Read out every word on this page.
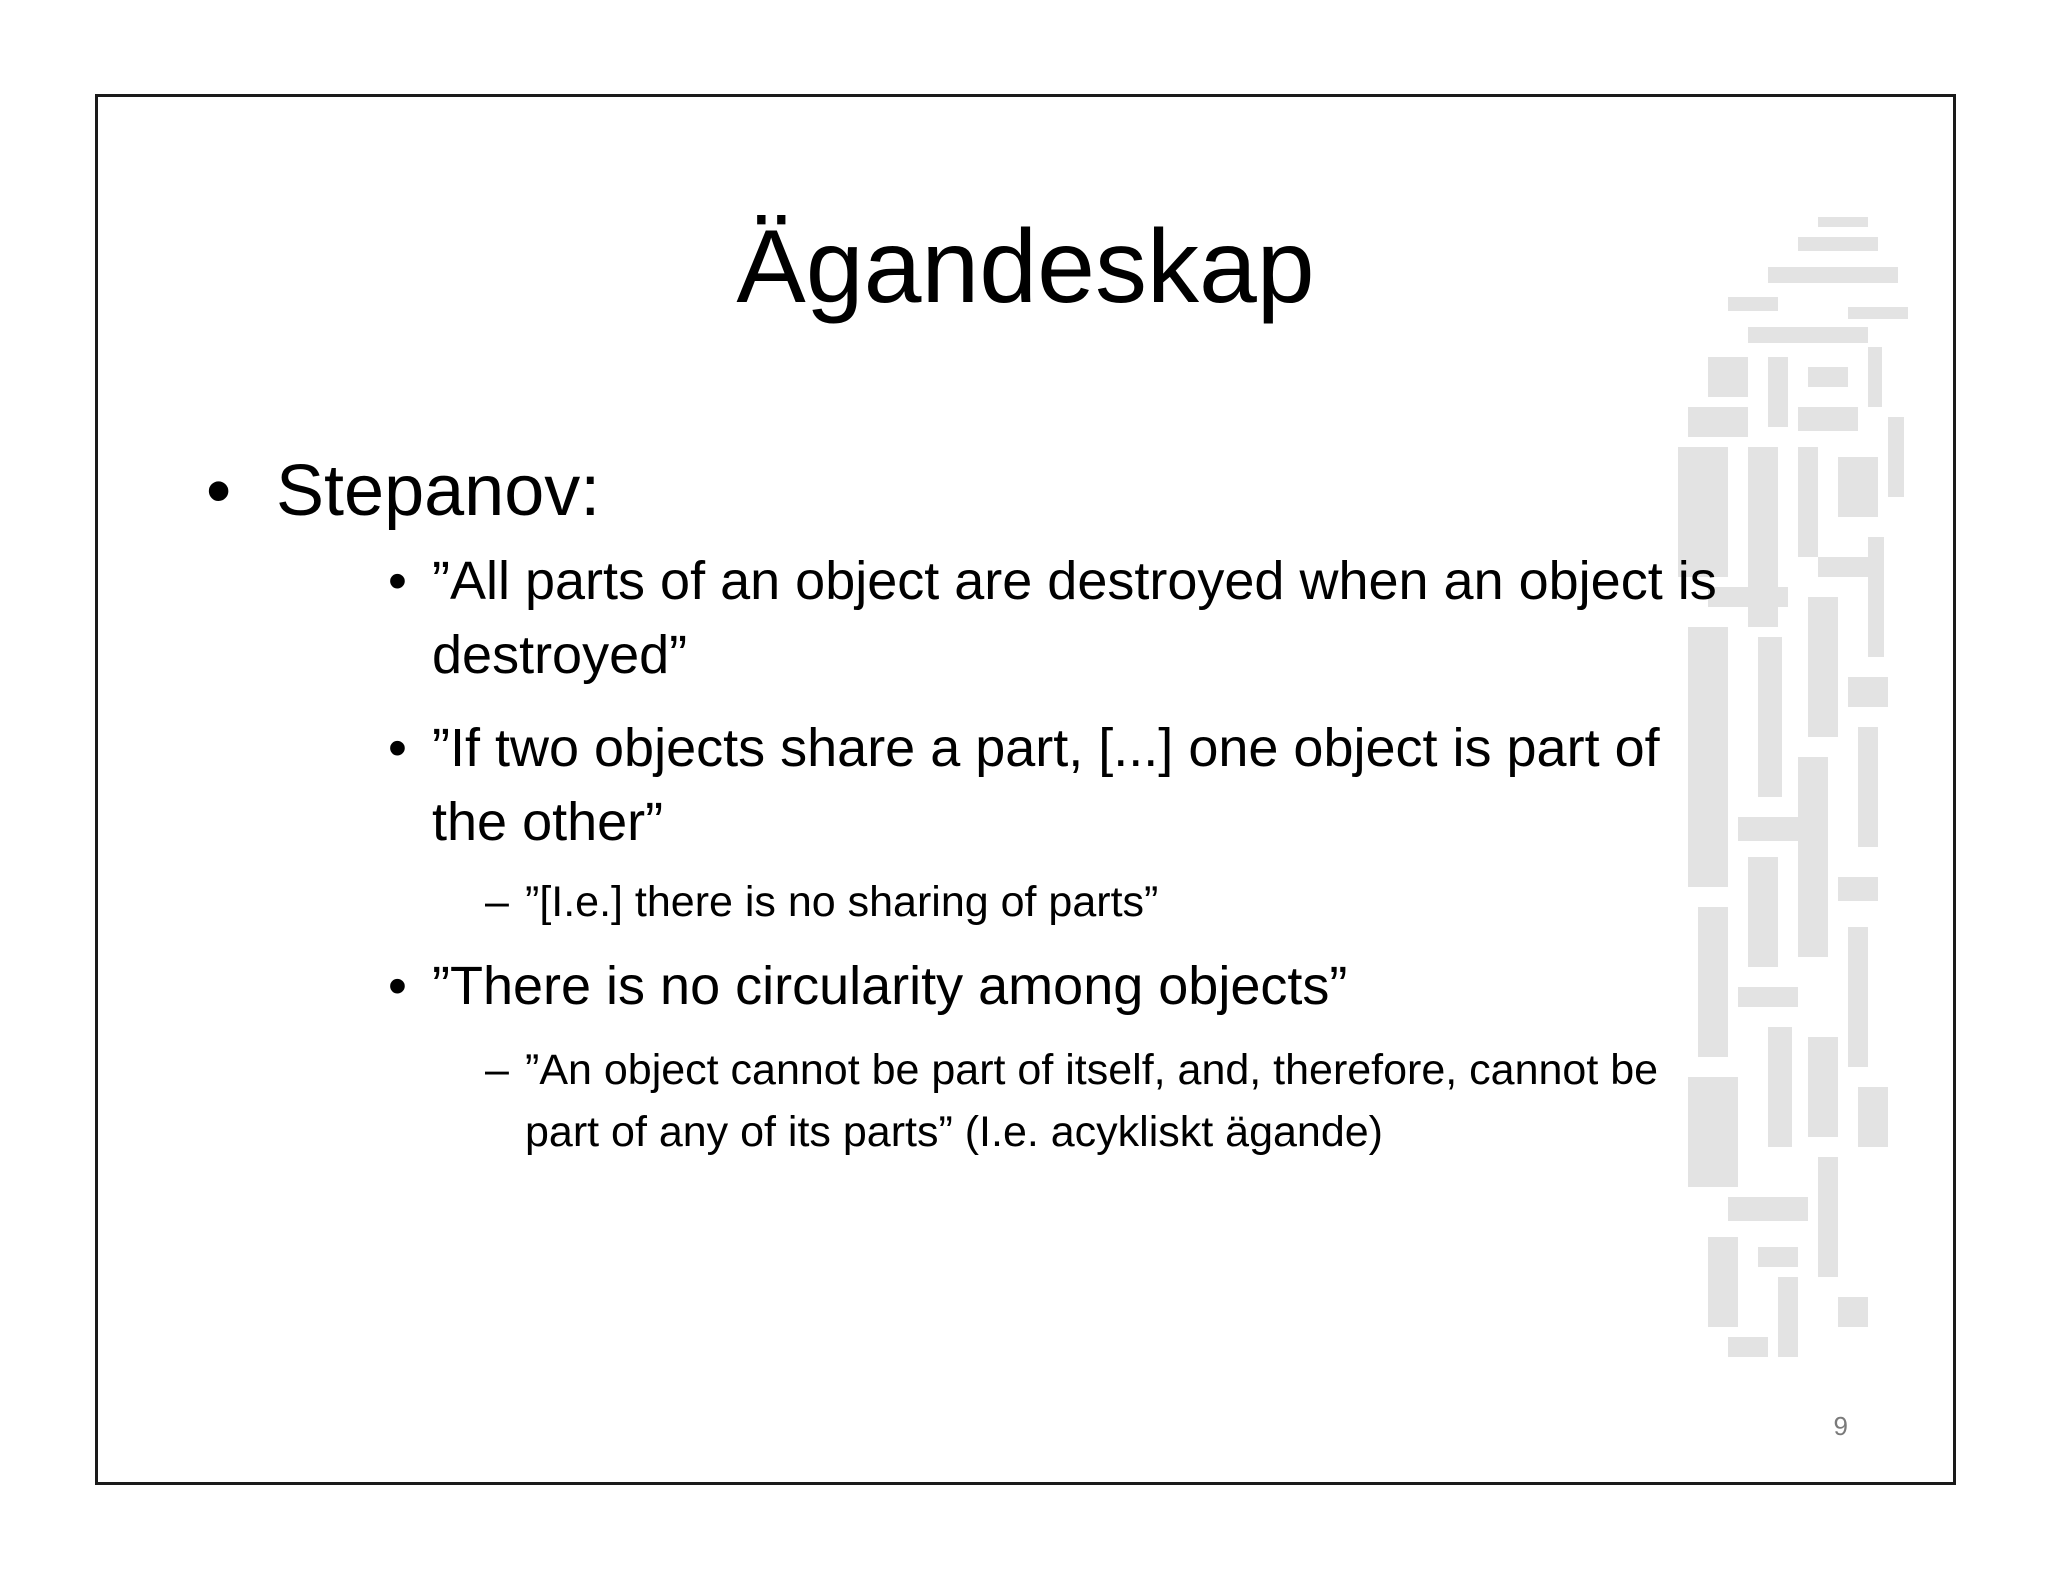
Ägandeskap
• Stepanov:
• ”All parts of an object are destroyed when an object is
destroyed”
• ”If two objects share a part, [...] one object is part of
the other”
– ”[I.e.] there is no sharing of parts”
• ”There is no circularity among objects”
– ”An object cannot be part of itself, and, therefore, cannot be
part of any of its parts” (I.e. acykliskt ägande)
9
